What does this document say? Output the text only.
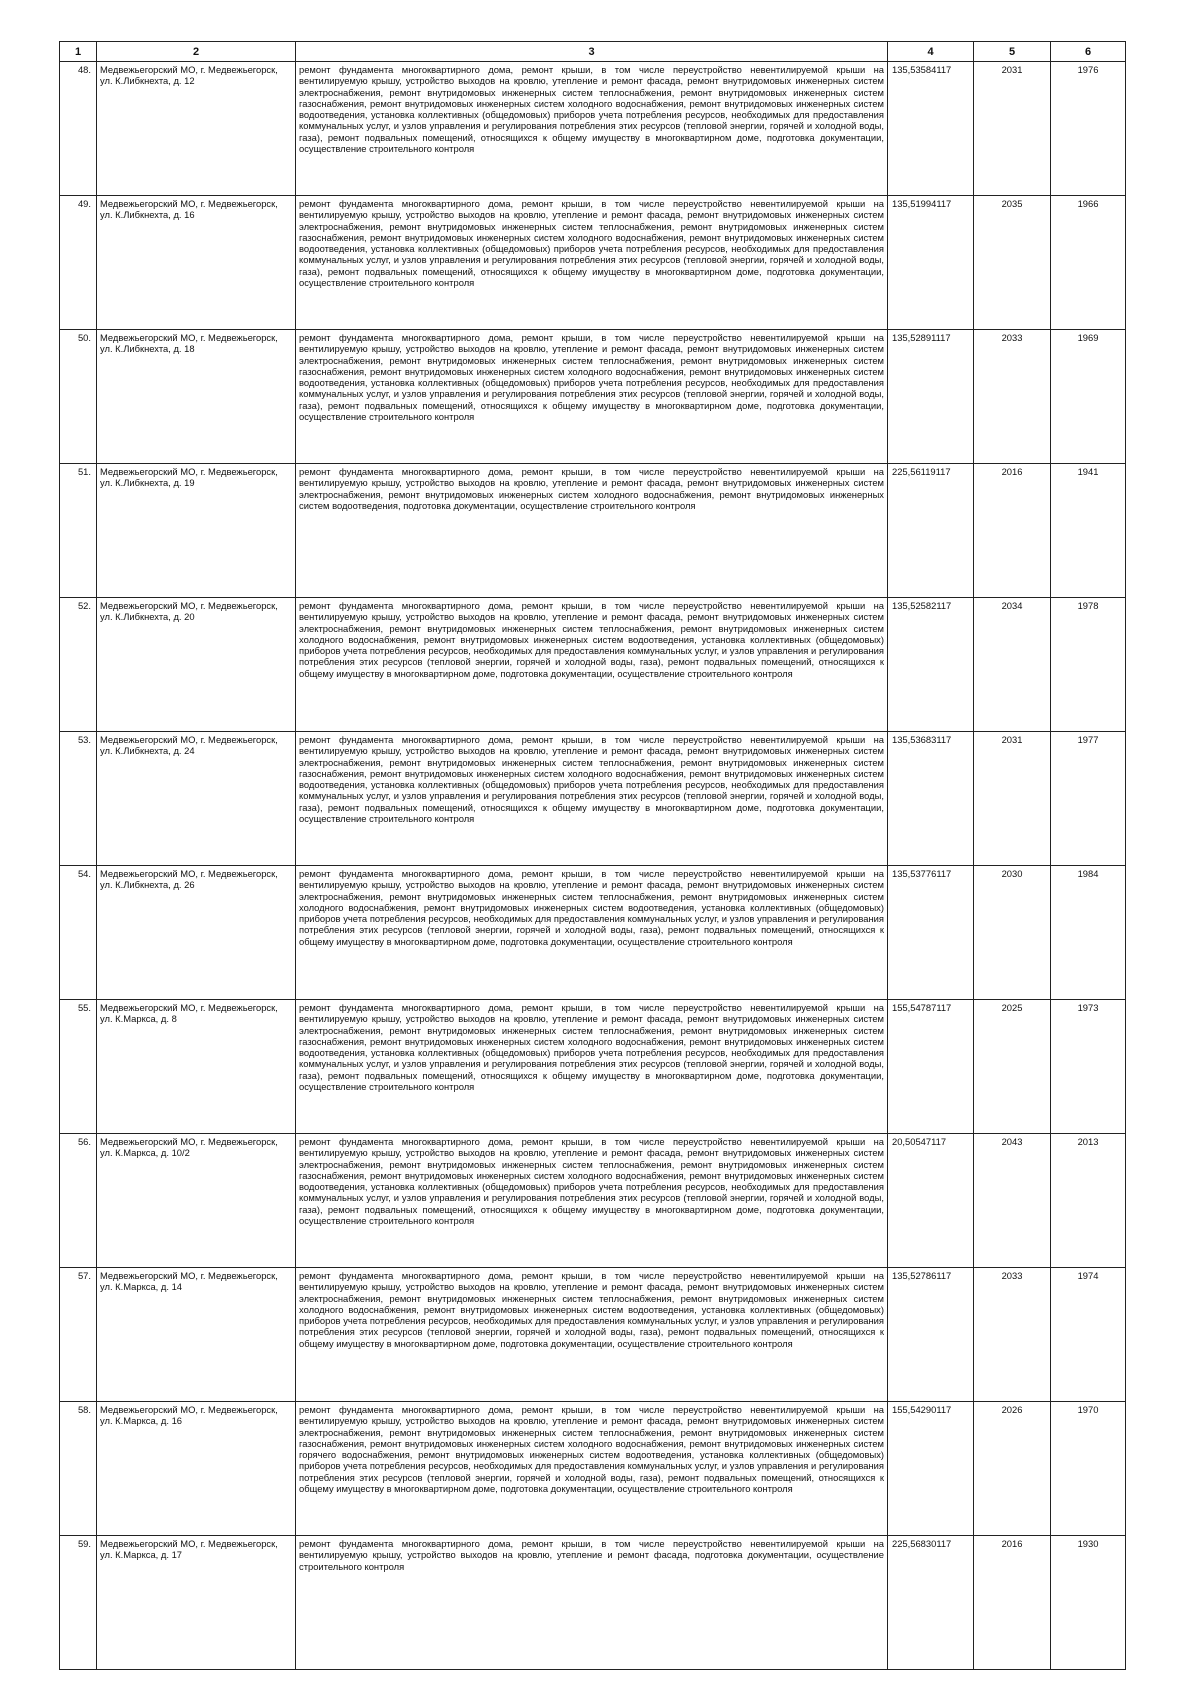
1	2	3	4	5	6
48.	Медвежьегорский МО, г. Медвежьегорск, ул. К.Либкнехта, д. 12	ремонт фундамента многоквартирного дома, ремонт крыши, в том числе переустройство невентилируемой крыши на вентилируемую крышу, устройство выходов на кровлю, утепление и ремонт фасада, ремонт внутридомовых инженерных систем электроснабжения, ремонт внутридомовых инженерных систем теплоснабжения, ремонт внутридомовых инженерных систем газоснабжения, ремонт внутридомовых инженерных систем холодного водоснабжения, ремонт внутридомовых инженерных систем водоотведения, установка коллективных (общедомовых) приборов учета потребления ресурсов, необходимых для предоставления коммунальных услуг, и узлов управления и регулирования потребления этих ресурсов (тепловой энергии, горячей и холодной воды, газа), ремонт подвальных помещений, относящихся к общему имуществу в многоквартирном доме, подготовка документации, осуществление строительного контроля	135,53584117	2031	1976
49.	Медвежьегорский МО, г. Медвежьегорск, ул. К.Либкнехта, д. 16	ремонт фундамента многоквартирного дома, ремонт крыши, в том числе переустройство невентилируемой крыши на вентилируемую крышу, устройство выходов на кровлю, утепление и ремонт фасада, ремонт внутридомовых инженерных систем электроснабжения, ремонт внутридомовых инженерных систем теплоснабжения, ремонт внутридомовых инженерных систем газоснабжения, ремонт внутридомовых инженерных систем холодного водоснабжения, ремонт внутридомовых инженерных систем водоотведения, установка коллективных (общедомовых) приборов учета потребления ресурсов, необходимых для предоставления коммунальных услуг, и узлов управления и регулирования потребления этих ресурсов (тепловой энергии, горячей и холодной воды, газа), ремонт подвальных помещений, относящихся к общему имуществу в многоквартирном доме, подготовка документации, осуществление строительного контроля	135,51994117	2035	1966
50.	Медвежьегорский МО, г. Медвежьегорск, ул. К.Либкнехта, д. 18	ремонт фундамента многоквартирного дома, ремонт крыши, в том числе переустройство невентилируемой крыши на вентилируемую крышу, устройство выходов на кровлю, утепление и ремонт фасада, ремонт внутридомовых инженерных систем электроснабжения, ремонт внутридомовых инженерных систем теплоснабжения, ремонт внутридомовых инженерных систем газоснабжения, ремонт внутридомовых инженерных систем холодного водоснабжения, ремонт внутридомовых инженерных систем водоотведения, установка коллективных (общедомовых) приборов учета потребления ресурсов, необходимых для предоставления коммунальных услуг, и узлов управления и регулирования потребления этих ресурсов (тепловой энергии, горячей и холодной воды, газа), ремонт подвальных помещений, относящихся к общему имуществу в многоквартирном доме, подготовка документации, осуществление строительного контроля	135,52891117	2033	1969
51.	Медвежьегорский МО, г. Медвежьегорск, ул. К.Либкнехта, д. 19	ремонт фундамента многоквартирного дома, ремонт крыши, в том числе переустройство невентилируемой крыши на вентилируемую крышу, устройство выходов на кровлю, утепление и ремонт фасада, ремонт внутридомовых инженерных систем электроснабжения, ремонт внутридомовых инженерных систем холодного водоснабжения, ремонт внутридомовых инженерных систем водоотведения, подготовка документации, осуществление строительного контроля	225,56119117	2016	1941
52.	Медвежьегорский МО, г. Медвежьегорск, ул. К.Либкнехта, д. 20	ремонт фундамента многоквартирного дома, ремонт крыши, в том числе переустройство невентилируемой крыши на вентилируемую крышу, устройство выходов на кровлю, утепление и ремонт фасада, ремонт внутридомовых инженерных систем электроснабжения, ремонт внутридомовых инженерных систем теплоснабжения, ремонт внутридомовых инженерных систем холодного водоснабжения, ремонт внутридомовых инженерных систем водоотведения, установка коллективных (общедомовых) приборов учета потребления ресурсов, необходимых для предоставления коммунальных услуг, и узлов управления и регулирования потребления этих ресурсов (тепловой энергии, горячей и холодной воды, газа), ремонт подвальных помещений, относящихся к общему имуществу в многоквартирном доме, подготовка документации, осуществление строительного контроля	135,52582117	2034	1978
53.	Медвежьегорский МО, г. Медвежьегорск, ул. К.Либкнехта, д. 24	ремонт фундамента многоквартирного дома, ремонт крыши, в том числе переустройство невентилируемой крыши на вентилируемую крышу, устройство выходов на кровлю, утепление и ремонт фасада, ремонт внутридомовых инженерных систем электроснабжения, ремонт внутридомовых инженерных систем теплоснабжения, ремонт внутридомовых инженерных систем газоснабжения, ремонт внутридомовых инженерных систем холодного водоснабжения, ремонт внутридомовых инженерных систем водоотведения, установка коллективных (общедомовых) приборов учета потребления ресурсов, необходимых для предоставления коммунальных услуг, и узлов управления и регулирования потребления этих ресурсов (тепловой энергии, горячей и холодной воды, газа), ремонт подвальных помещений, относящихся к общему имуществу в многоквартирном доме, подготовка документации, осуществление строительного контроля	135,53683117	2031	1977
54.	Медвежьегорский МО, г. Медвежьегорск, ул. К.Либкнехта, д. 26	ремонт фундамента многоквартирного дома, ремонт крыши, в том числе переустройство невентилируемой крыши на вентилируемую крышу, устройство выходов на кровлю, утепление и ремонт фасада, ремонт внутридомовых инженерных систем электроснабжения, ремонт внутридомовых инженерных систем теплоснабжения, ремонт внутридомовых инженерных систем холодного водоснабжения, ремонт внутридомовых инженерных систем водоотведения, установка коллективных (общедомовых) приборов учета потребления ресурсов, необходимых для предоставления коммунальных услуг, и узлов управления и регулирования потребления этих ресурсов (тепловой энергии, горячей и холодной воды, газа), ремонт подвальных помещений, относящихся к общему имуществу в многоквартирном доме, подготовка документации, осуществление строительного контроля	135,53776117	2030	1984
55.	Медвежьегорский МО, г. Медвежьегорск, ул. К.Маркса, д. 8	ремонт фундамента многоквартирного дома, ремонт крыши, в том числе переустройство невентилируемой крыши на вентилируемую крышу, устройство выходов на кровлю, утепление и ремонт фасада, ремонт внутридомовых инженерных систем электроснабжения, ремонт внутридомовых инженерных систем теплоснабжения, ремонт внутридомовых инженерных систем газоснабжения, ремонт внутридомовых инженерных систем холодного водоснабжения, ремонт внутридомовых инженерных систем водоотведения, установка коллективных (общедомовых) приборов учета потребления ресурсов, необходимых для предоставления коммунальных услуг, и узлов управления и регулирования потребления этих ресурсов (тепловой энергии, горячей и холодной воды, газа), ремонт подвальных помещений, относящихся к общему имуществу в многоквартирном доме, подготовка документации, осуществление строительного контроля	155,54787117	2025	1973
56.	Медвежьегорский МО, г. Медвежьегорск, ул. К.Маркса, д. 10/2	ремонт фундамента многоквартирного дома, ремонт крыши, в том числе переустройство невентилируемой крыши на вентилируемую крышу, устройство выходов на кровлю, утепление и ремонт фасада, ремонт внутридомовых инженерных систем электроснабжения, ремонт внутридомовых инженерных систем теплоснабжения, ремонт внутридомовых инженерных систем газоснабжения, ремонт внутридомовых инженерных систем холодного водоснабжения, ремонт внутридомовых инженерных систем водоотведения, установка коллективных (общедомовых) приборов учета потребления ресурсов, необходимых для предоставления коммунальных услуг, и узлов управления и регулирования потребления этих ресурсов (тепловой энергии, горячей и холодной воды, газа), ремонт подвальных помещений, относящихся к общему имуществу в многоквартирном доме, подготовка документации, осуществление строительного контроля	20,50547117	2043	2013
57.	Медвежьегорский МО, г. Медвежьегорск, ул. К.Маркса, д. 14	ремонт фундамента многоквартирного дома, ремонт крыши, в том числе переустройство невентилируемой крыши на вентилируемую крышу, устройство выходов на кровлю, утепление и ремонт фасада, ремонт внутридомовых инженерных систем электроснабжения, ремонт внутридомовых инженерных систем теплоснабжения, ремонт внутридомовых инженерных систем холодного водоснабжения, ремонт внутридомовых инженерных систем водоотведения, установка коллективных (общедомовых) приборов учета потребления ресурсов, необходимых для предоставления коммунальных услуг, и узлов управления и регулирования потребления этих ресурсов (тепловой энергии, горячей и холодной воды, газа), ремонт подвальных помещений, относящихся к общему имуществу в многоквартирном доме, подготовка документации, осуществление строительного контроля	135,52786117	2033	1974
58.	Медвежьегорский МО, г. Медвежьегорск, ул. К.Маркса, д. 16	ремонт фундамента многоквартирного дома, ремонт крыши, в том числе переустройство невентилируемой крыши на вентилируемую крышу, устройство выходов на кровлю, утепление и ремонт фасада, ремонт внутридомовых инженерных систем электроснабжения, ремонт внутридомовых инженерных систем теплоснабжения, ремонт внутридомовых инженерных систем газоснабжения, ремонт внутридомовых инженерных систем холодного водоснабжения, ремонт внутридомовых инженерных систем горячего водоснабжения, ремонт внутридомовых инженерных систем водоотведения, установка коллективных (общедомовых) приборов учета потребления ресурсов, необходимых для предоставления коммунальных услуг, и узлов управления и регулирования потребления этих ресурсов (тепловой энергии, горячей и холодной воды, газа), ремонт подвальных помещений, относящихся к общему имуществу в многоквартирном доме, подготовка документации, осуществление строительного контроля	155,54290117	2026	1970
59.	Медвежьегорский МО, г. Медвежьегорск, ул. К.Маркса, д. 17	ремонт фундамента многоквартирного дома, ремонт крыши, в том числе переустройство невентилируемой крыши на вентилируемую крышу, устройство выходов на кровлю, утепление и ремонт фасада, подготовка документации, осуществление строительного контроля	225,56830117	2016	1930
